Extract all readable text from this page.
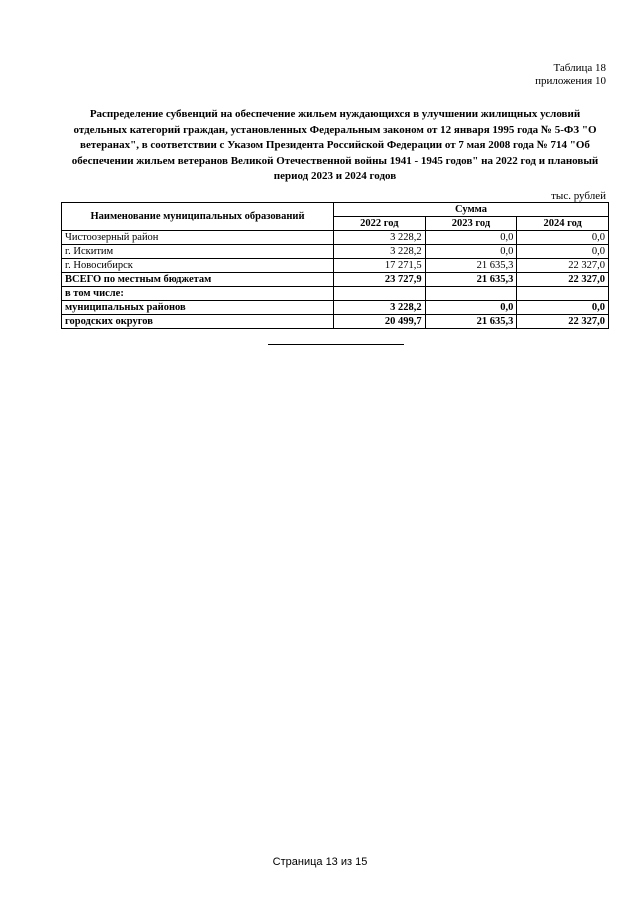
Таблица 18
приложения 10
Распределение субвенций на обеспечение жильем нуждающихся в улучшении жилищных условий отдельных категорий граждан, установленных Федеральным законом от 12 января 1995 года № 5-ФЗ "О ветеранах", в соответствии с Указом Президента Российской Федерации от 7 мая 2008 года № 714 "Об обеспечении жильем ветеранов Великой Отечественной войны 1941 - 1945 годов" на 2022 год и плановый период 2023 и 2024 годов
тыс. рублей
Наименование муниципальных образований	Сумма		
	2022 год	2023 год	2024 год
Чистоозерный район	3 228,2	0,0	0,0
г. Искитим	3 228,2	0,0	0,0
г. Новосибирск	17 271,5	21 635,3	22 327,0
ВСЕГО по местным бюджетам	23 727,9	21 635,3	22 327,0
в том числе:			
муниципальных районов	3 228,2	0,0	0,0
городских округов	20 499,7	21 635,3	22 327,0
Страница 13 из 15
